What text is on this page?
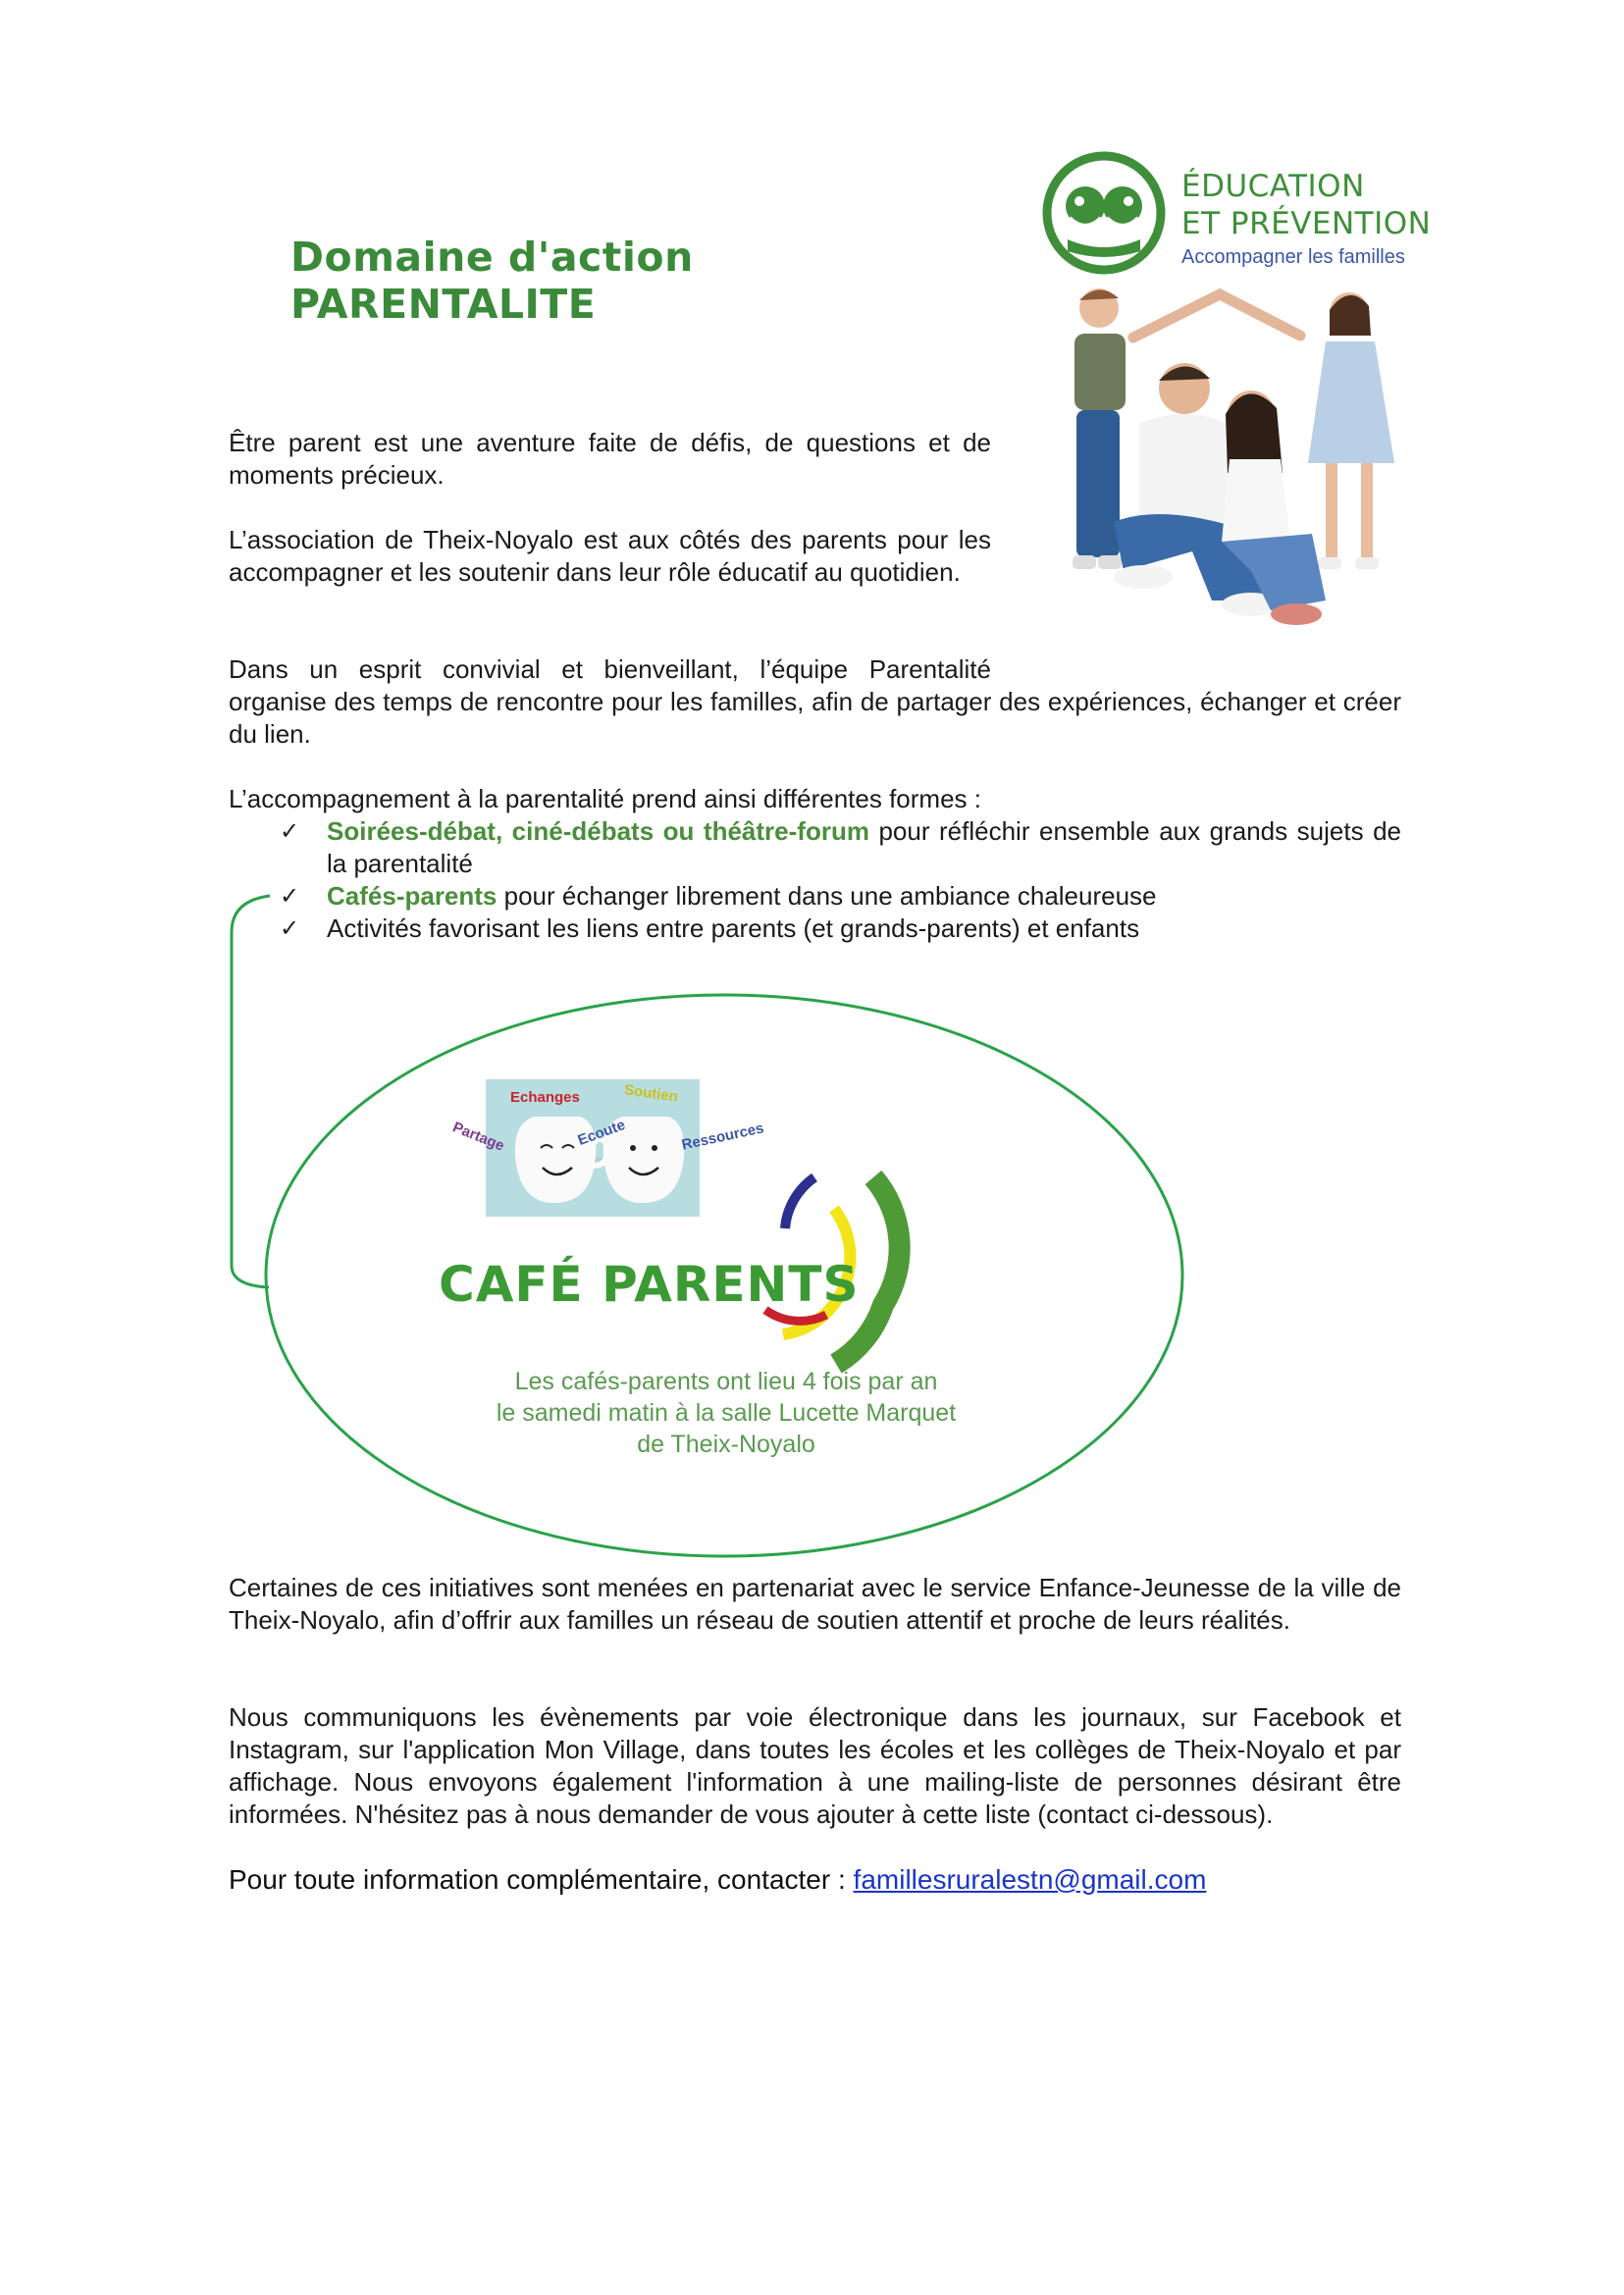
Domaine d'action PARENTALITE
ÉDUCATION
ET PRÉVENTION
Accompagner les familles
Être parent est une aventure faite de défis, de questions et de moments précieux.
L’association de Theix-Noyalo est aux côtés des parents pour les accompagner et les soutenir dans leur rôle éducatif au quotidien.
Dans un esprit convivial et bienveillant, l’équipe Parentalité
organise des temps de rencontre pour les familles, afin de partager des expériences, échanger et créer du lien.
L’accompagnement à la parentalité prend ainsi différentes formes :
✓ Soirées-débat, ciné-débats ou théâtre-forum pour réfléchir ensemble aux grands sujets de la parentalité
✓ Cafés-parents pour échanger librement dans une ambiance chaleureuse
✓ Activités favorisant les liens entre parents (et grands-parents) et enfants
Echanges	Soutien
Partage	Ecoute	Ressources
CAFÉ PARENTS
Les cafés-parents ont lieu 4 fois par an
le samedi matin à la salle Lucette Marquet
de Theix-Noyalo
Certaines de ces initiatives sont menées en partenariat avec le service Enfance-Jeunesse de la ville de Theix-Noyalo, afin d’offrir aux familles un réseau de soutien attentif et proche de leurs réalités.
Nous communiquons les évènements par voie électronique dans les journaux, sur Facebook et Instagram, sur l'application Mon Village, dans toutes les écoles et les collèges de Theix-Noyalo et par affichage. Nous envoyons également l'information à une mailing-liste de personnes désirant être informées. N'hésitez pas à nous demander de vous ajouter à cette liste (contact ci-dessous).
Pour toute information complémentaire, contacter : famillesruralestn@gmail.com
